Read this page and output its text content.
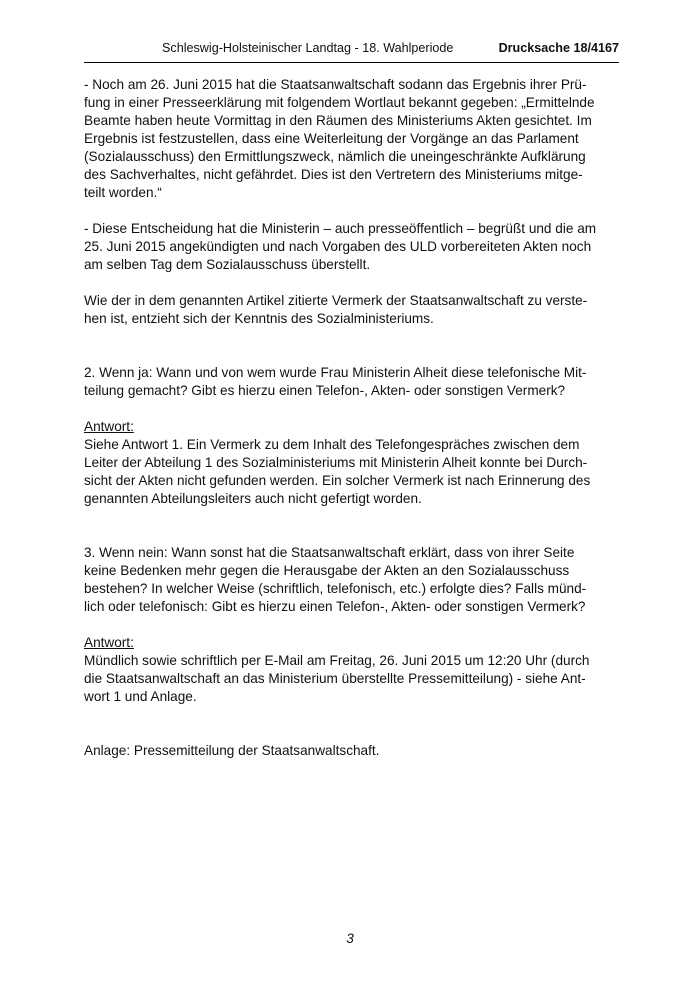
Schleswig-Holsteinischer Landtag - 18. Wahlperiode	Drucksache 18/4167
- Noch am 26. Juni 2015 hat die Staatsanwaltschaft sodann das Ergebnis ihrer Prü-
fung in einer Presseerklärung mit folgendem Wortlaut bekannt gegeben: „Ermittelnde
Beamte haben heute Vormittag in den Räumen des Ministeriums Akten gesichtet. Im
Ergebnis ist festzustellen, dass eine Weiterleitung der Vorgänge an das Parlament
(Sozialausschuss) den Ermittlungszweck, nämlich die uneingeschränkte Aufklärung
des Sachverhaltes, nicht gefährdet. Dies ist den Vertretern des Ministeriums mitge-
teilt worden.“
- Diese Entscheidung hat die Ministerin – auch presseöffentlich – begrüßt und die am
25. Juni 2015 angekündigten und nach Vorgaben des ULD vorbereiteten Akten noch
am selben Tag dem Sozialausschuss überstellt.
Wie der in dem genannten Artikel zitierte Vermerk der Staatsanwaltschaft zu verste-
hen ist, entzieht sich der Kenntnis des Sozialministeriums.
2. Wenn ja: Wann und von wem wurde Frau Ministerin Alheit diese telefonische Mit-
teilung gemacht? Gibt es hierzu einen Telefon-, Akten- oder sonstigen Vermerk?
Antwort:
Siehe Antwort 1. Ein Vermerk zu dem Inhalt des Telefongespräches zwischen dem
Leiter der Abteilung 1 des Sozialministeriums mit Ministerin Alheit konnte bei Durch-
sicht der Akten nicht gefunden werden. Ein solcher Vermerk ist nach Erinnerung des
genannten Abteilungsleiters auch nicht gefertigt worden.
3. Wenn nein: Wann sonst hat die Staatsanwaltschaft erklärt, dass von ihrer Seite
keine Bedenken mehr gegen die Herausgabe der Akten an den Sozialausschuss
bestehen? In welcher Weise (schriftlich, telefonisch, etc.) erfolgte dies? Falls münd-
lich oder telefonisch: Gibt es hierzu einen Telefon-, Akten- oder sonstigen Vermerk?
Antwort:
Mündlich sowie schriftlich per E-Mail am Freitag, 26. Juni 2015 um 12:20 Uhr (durch
die Staatsanwaltschaft an das Ministerium überstellte Pressemitteilung) - siehe Ant-
wort 1 und Anlage.
Anlage: Pressemitteilung der Staatsanwaltschaft.
3
